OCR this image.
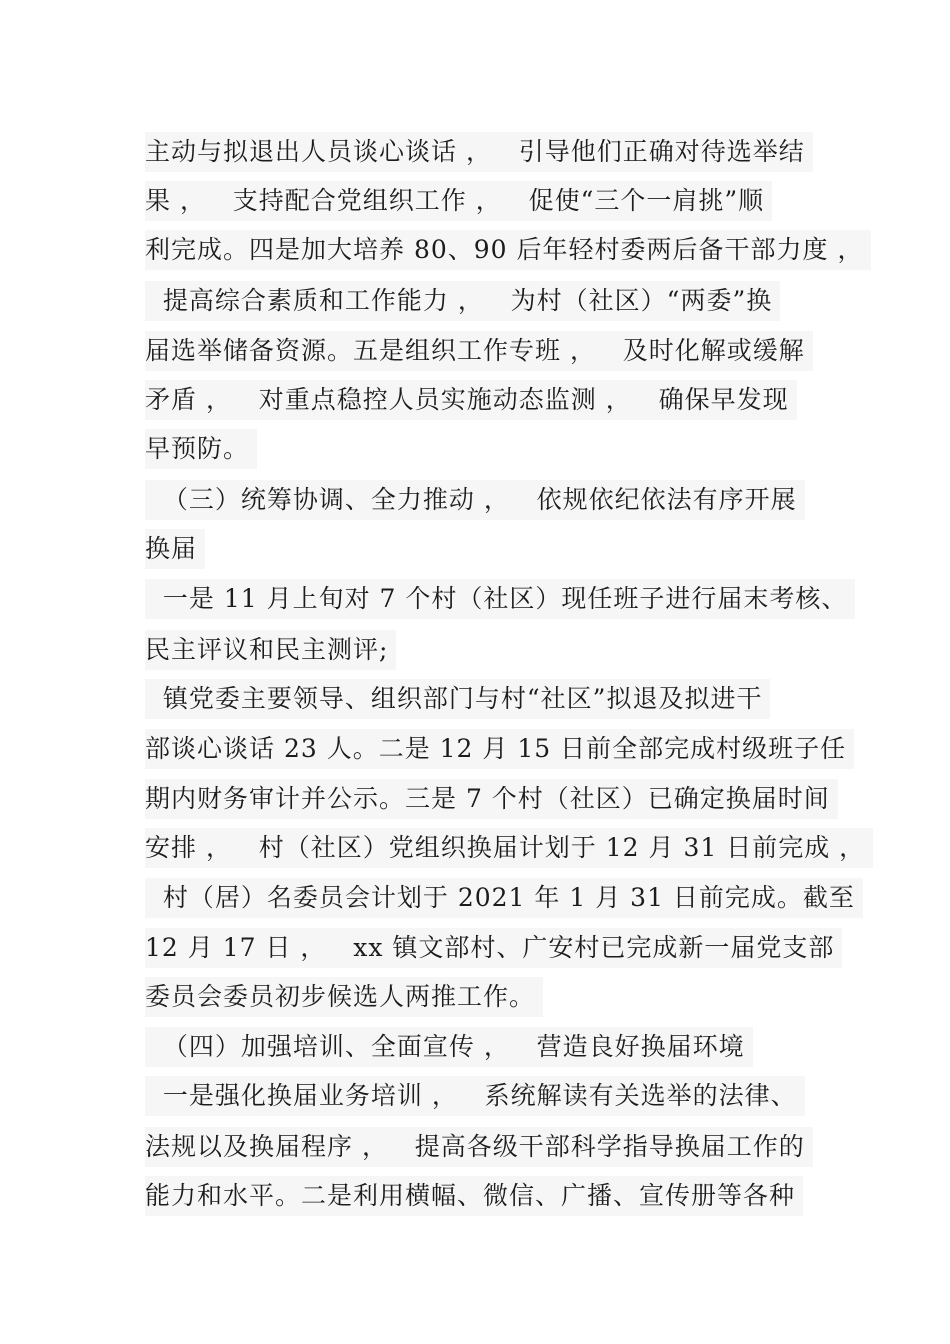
主动与拟退出人员谈心谈话 ，   引导他们正确对待选举结
果 ，   支持配合党组织工作 ，   促使“三个一肩挑”顺
利完成。四是加大培养 80、90 后年轻村委两后备干部力度 ，
提高综合素质和工作能力 ，   为村（社区）“两委”换
届选举储备资源。五是组织工作专班 ，   及时化解或缓解
矛盾 ，   对重点稳控人员实施动态监测 ，   确保早发现
早预防。
（三）统筹协调、全力推动 ，   依规依纪依法有序开展
换届
一是 11 月上旬对 7 个村（社区）现任班子进行届末考核、
民主评议和民主测评;
镇党委主要领导、组织部门与村“社区”拟退及拟进干
部谈心谈话 23 人。二是 12 月 15 日前全部完成村级班子任
期内财务审计并公示。三是 7 个村（社区）已确定换届时间
安排 ，   村（社区）党组织换届计划于 12 月 31 日前完成 ，
村（居）名委员会计划于 2021 年 1 月 31 日前完成。截至
12 月 17 日 ，   xx 镇文部村、广安村已完成新一届党支部
委员会委员初步候选人两推工作。
（四）加强培训、全面宣传 ，   营造良好换届环境
一是强化换届业务培训 ，   系统解读有关选举的法律、
法规以及换届程序 ，   提高各级干部科学指导换届工作的
能力和水平。二是利用横幅、微信、广播、宣传册等各种
